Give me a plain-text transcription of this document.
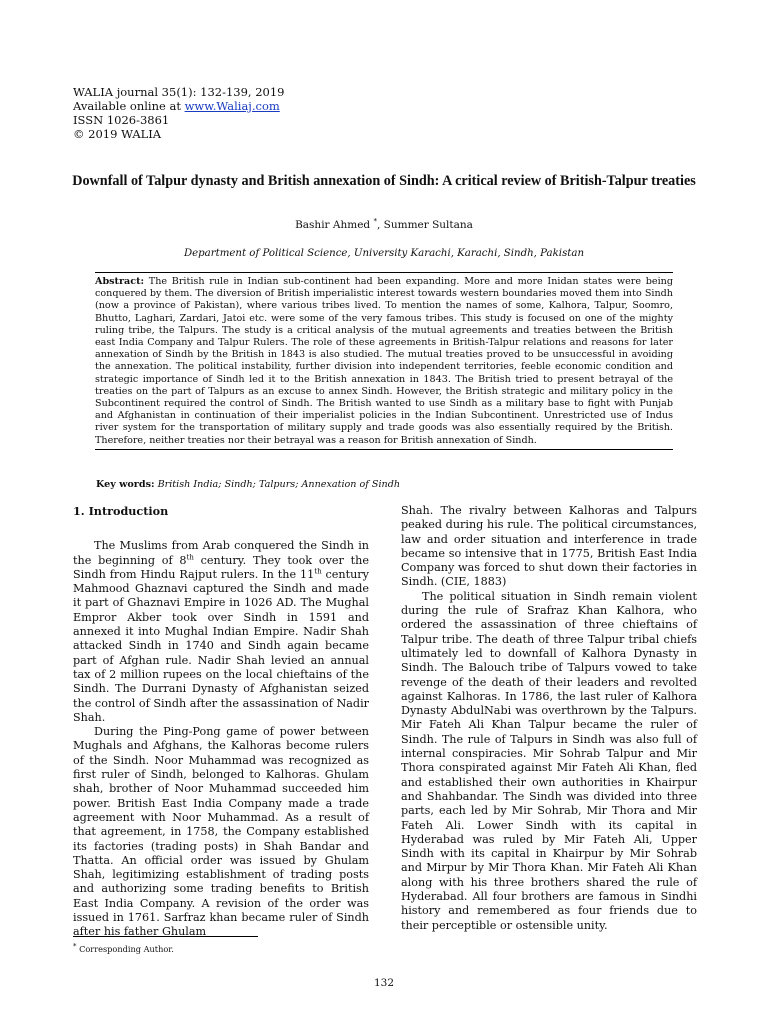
WALIA journal 35(1): 132-139, 2019
Available online at www.Waliaj.com
ISSN 1026-3861
© 2019 WALIA
Downfall of Talpur dynasty and British annexation of Sindh: A critical review of British-Talpur treaties
Bashir Ahmed *, Summer Sultana
Department of Political Science, University Karachi, Karachi, Sindh, Pakistan
Abstract: The British rule in Indian sub-continent had been expanding. More and more Inidan states were being conquered by them. The diversion of British imperialistic interest towards western boundaries moved them into Sindh (now a province of Pakistan), where various tribes lived. To mention the names of some, Kalhora, Talpur, Soomro, Bhutto, Laghari, Zardari, Jatoi etc. were some of the very famous tribes. This study is focused on one of the mighty ruling tribe, the Talpurs. The study is a critical analysis of the mutual agreements and treaties between the British east India Company and Talpur Rulers. The role of these agreements in British-Talpur relations and reasons for later annexation of Sindh by the British in 1843 is also studied. The mutual treaties proved to be unsuccessful in avoiding the annexation. The political instability, further division into independent territories, feeble economic condition and strategic importance of Sindh led it to the British annexation in 1843. The British tried to present betrayal of the treaties on the part of Talpurs as an excuse to annex Sindh. However, the British strategic and military policy in the Subcontinent required the control of Sindh. The British wanted to use Sindh as a military base to fight with Punjab and Afghanistan in continuation of their imperialist policies in the Indian Subcontinent. Unrestricted use of Indus river system for the transportation of military supply and trade goods was also essentially required by the British. Therefore, neither treaties nor their betrayal was a reason for British annexation of Sindh.
Key words: British India; Sindh; Talpurs; Annexation of Sindh
1. Introduction

The Muslims from Arab conquered the Sindh in the beginning of 8th century. They took over the Sindh from Hindu Rajput rulers. In the 11th century Mahmood Ghaznavi captured the Sindh and made it part of Ghaznavi Empire in 1026 AD. The Mughal Empror Akber took over Sindh in 1591 and annexed it into Mughal Indian Empire. Nadir Shah attacked Sindh in 1740 and Sindh again became part of Afghan rule. Nadir Shah levied an annual tax of 2 million rupees on the local chieftains of the Sindh. The Durrani Dynasty of Afghanistan seized the control of Sindh after the assassination of Nadir Shah.

During the Ping-Pong game of power between Mughals and Afghans, the Kalhoras become rulers of the Sindh. Noor Muhammad was recognized as first ruler of Sindh, belonged to Kalhoras. Ghulam shah, brother of Noor Muhammad succeeded him power. British East India Company made a trade agreement with Noor Muhammad. As a result of that agreement, in 1758, the Company established its factories (trading posts) in Shah Bandar and Thatta. An official order was issued by Ghulam Shah, legitimizing establishment of trading posts and authorizing some trading benefits to British East India Company. A revision of the order was issued in 1761. Sarfraz khan became ruler of Sindh after his father Ghulam

Shah. The rivalry between Kalhoras and Talpurs peaked during his rule. The political circumstances, law and order situation and interference in trade became so intensive that in 1775, British East India Company was forced to shut down their factories in Sindh. (CIE, 1883)

The political situation in Sindh remain violent during the rule of Srafraz Khan Kalhora, who ordered the assassination of three chieftains of Talpur tribe. The death of three Talpur tribal chiefs ultimately led to downfall of Kalhora Dynasty in Sindh. The Balouch tribe of Talpurs vowed to take revenge of the death of their leaders and revolted against Kalhoras. In 1786, the last ruler of Kalhora Dynasty AbdulNabi was overthrown by the Talpurs. Mir Fateh Ali Khan Talpur became the ruler of Sindh. The rule of Talpurs in Sindh was also full of internal conspiracies. Mir Sohrab Talpur and Mir Thora conspirated against Mir Fateh Ali Khan, fled and established their own authorities in Khairpur and Shahbandar. The Sindh was divided into three parts, each led by Mir Sohrab, Mir Thora and Mir Fateh Ali. Lower Sindh with its capital in Hyderabad was ruled by Mir Fateh Ali, Upper Sindh with its capital in Khairpur by Mir Sohrab and Mirpur by Mir Thora Khan. Mir Fateh Ali Khan along with his three brothers shared the rule of Hyderabad. All four brothers are famous in Sindhi history and remembered as four friends due to their perceptible or ostensible unity.

* Corresponding Author.
132
